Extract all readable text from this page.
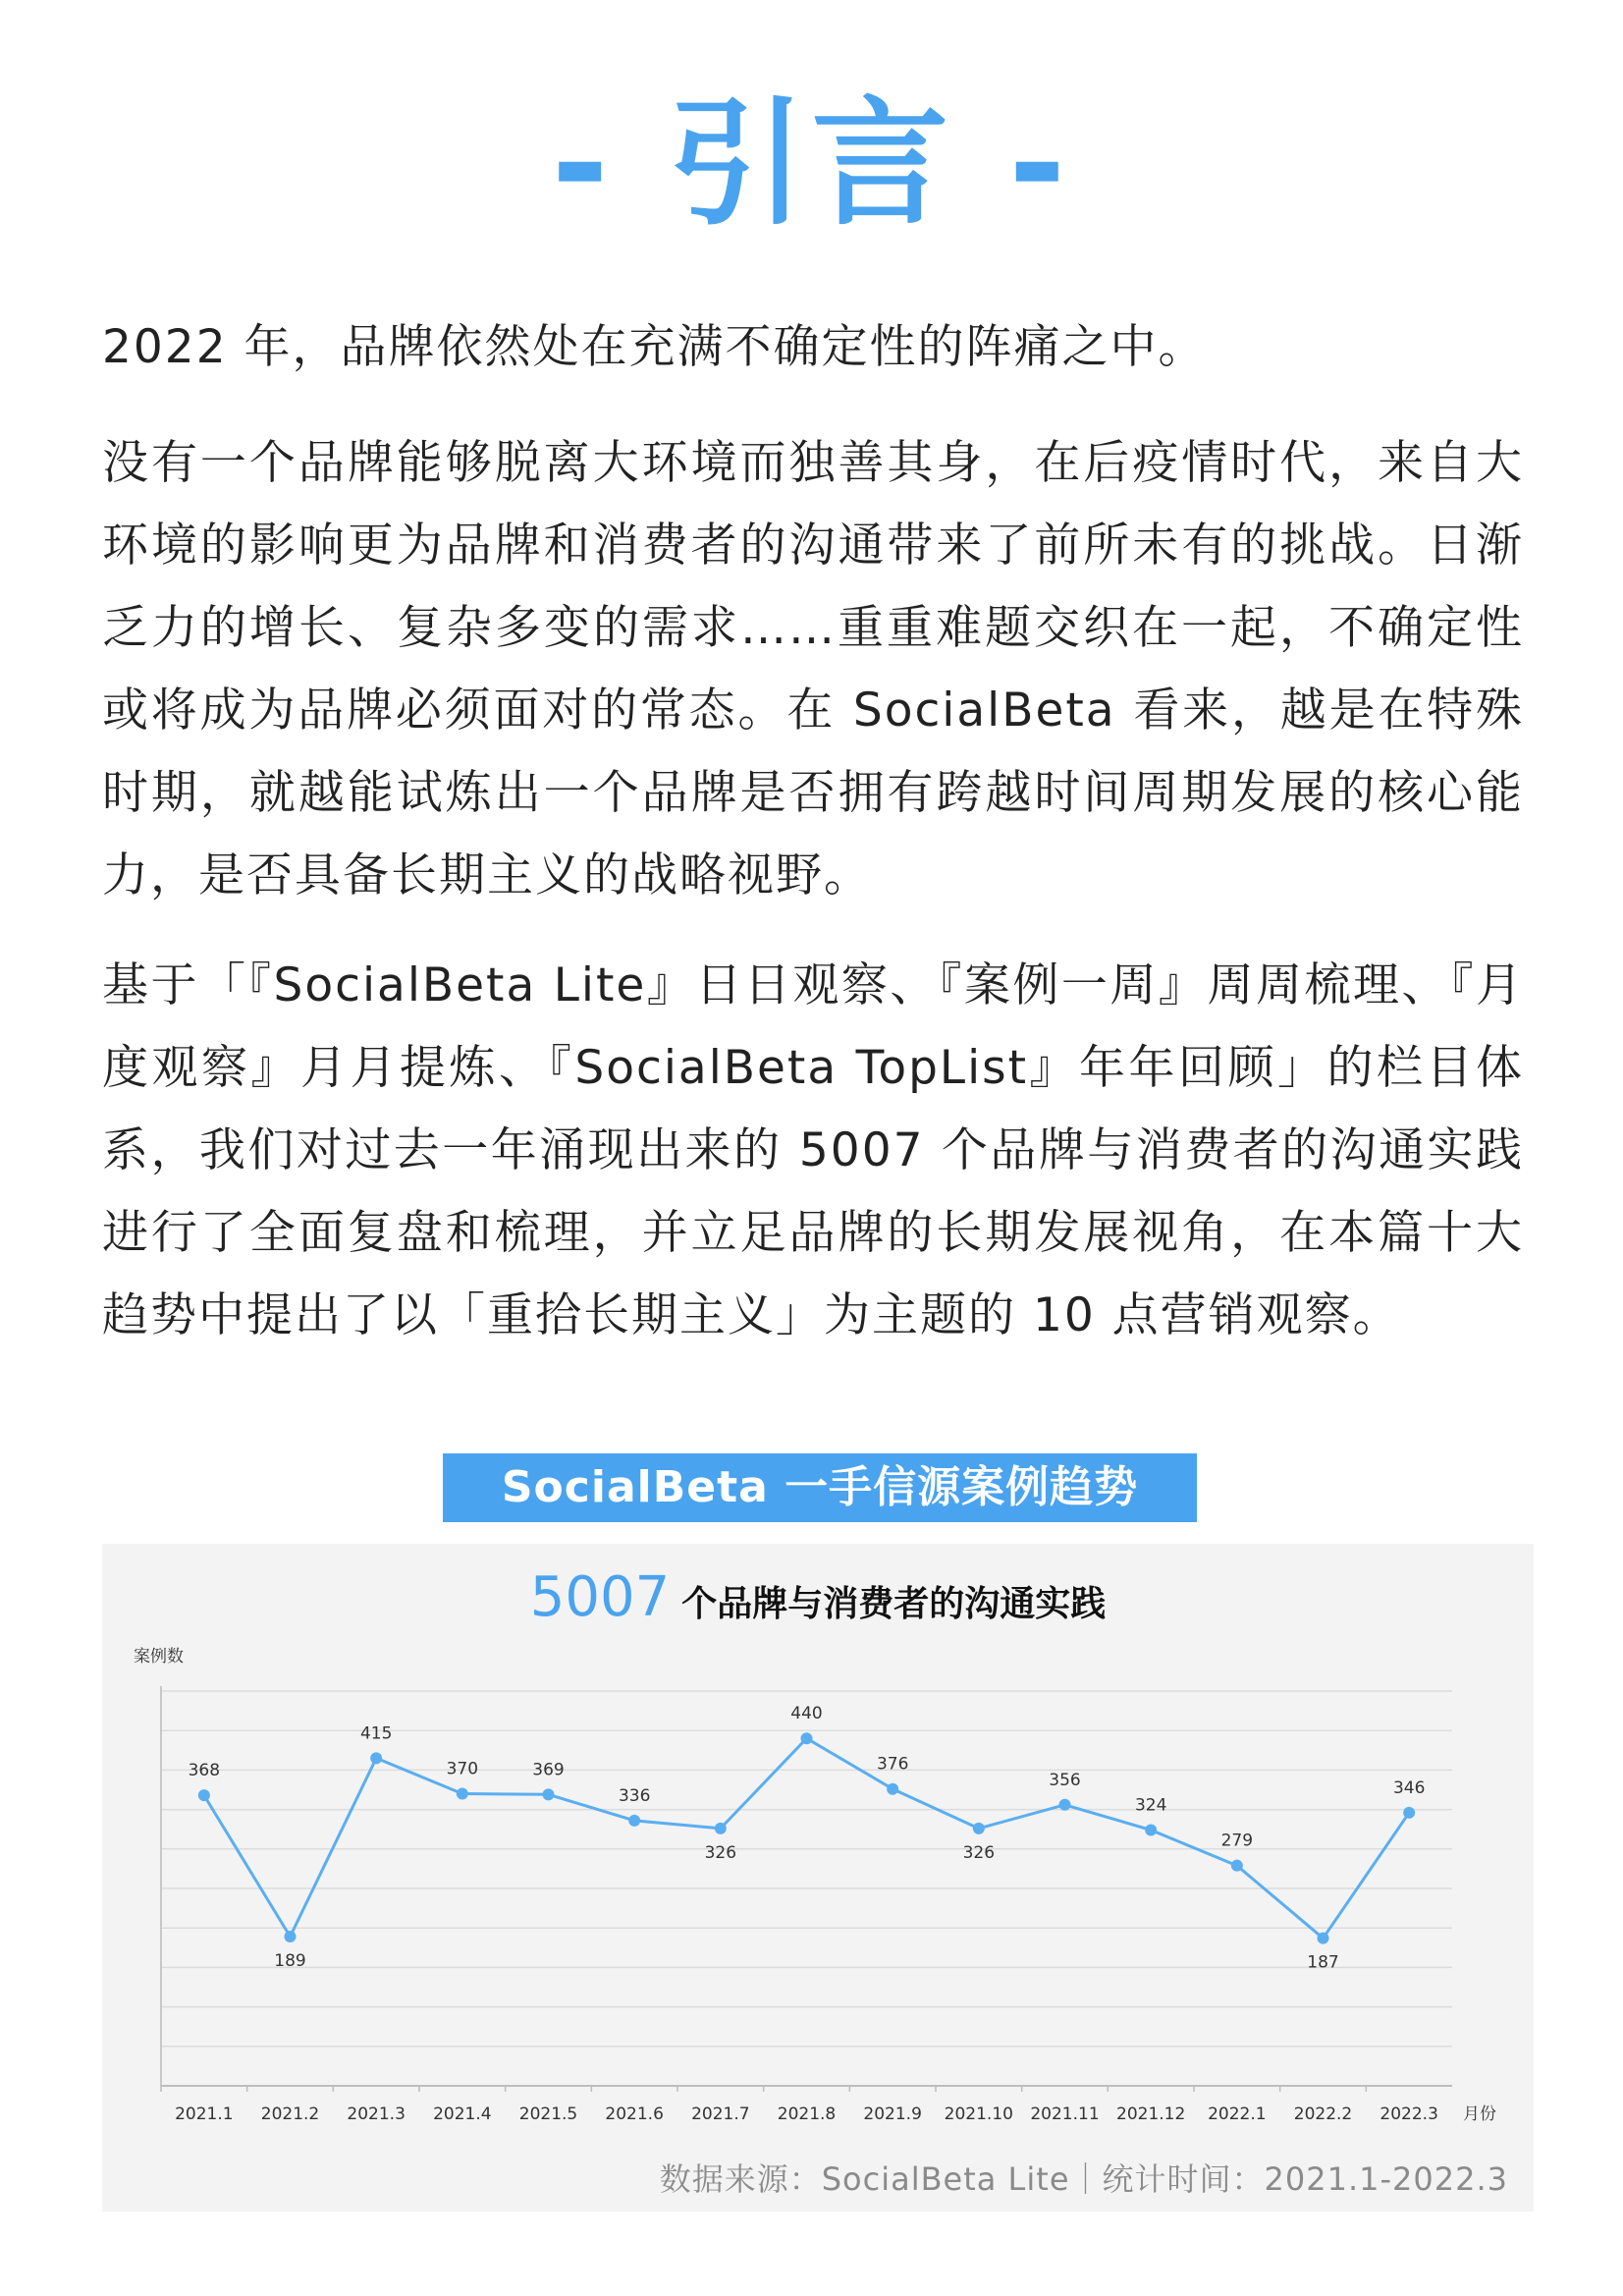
- 引言 -

2022 年，品牌依然处在充满不确定性的阵痛之中。

没有一个品牌能够脱离大环境而独善其身，在后疫情时代，来自大环境的影响更为品牌和消费者的沟通带来了前所未有的挑战。日渐乏力的增长、复杂多变的需求……重重难题交织在一起，不确定性或将成为品牌必须面对的常态。在 SocialBeta 看来，越是在特殊时期，就越能试炼出一个品牌是否拥有跨越时间周期发展的核心能力，是否具备长期主义的战略视野。

基于「『SocialBeta Lite』日日观察、『案例一周』周周梳理、『月度观察』月月提炼、『SocialBeta TopList』年年回顾」的栏目体系，我们对过去一年涌现出来的 5007 个品牌与消费者的沟通实践进行了全面复盘和梳理，并立足品牌的长期发展视角，在本篇十大趋势中提出了以「重拾长期主义」为主题的 10 点营销观察。

SocialBeta 一手信源案例趋势
5007 个品牌与消费者的沟通实践
案例数
2021.1 2021.2 2021.3 2021.4 2021.5 2021.6 2021.7 2021.8 2021.9 2021.10 2021.11 2021.12 2022.1 2022.2 2022.3 月份
368
189
415
370	369
336
326
440
376
326
356
324
279
187
346
数据来源：SocialBeta Lite｜统计时间：2021.1-2022.3
